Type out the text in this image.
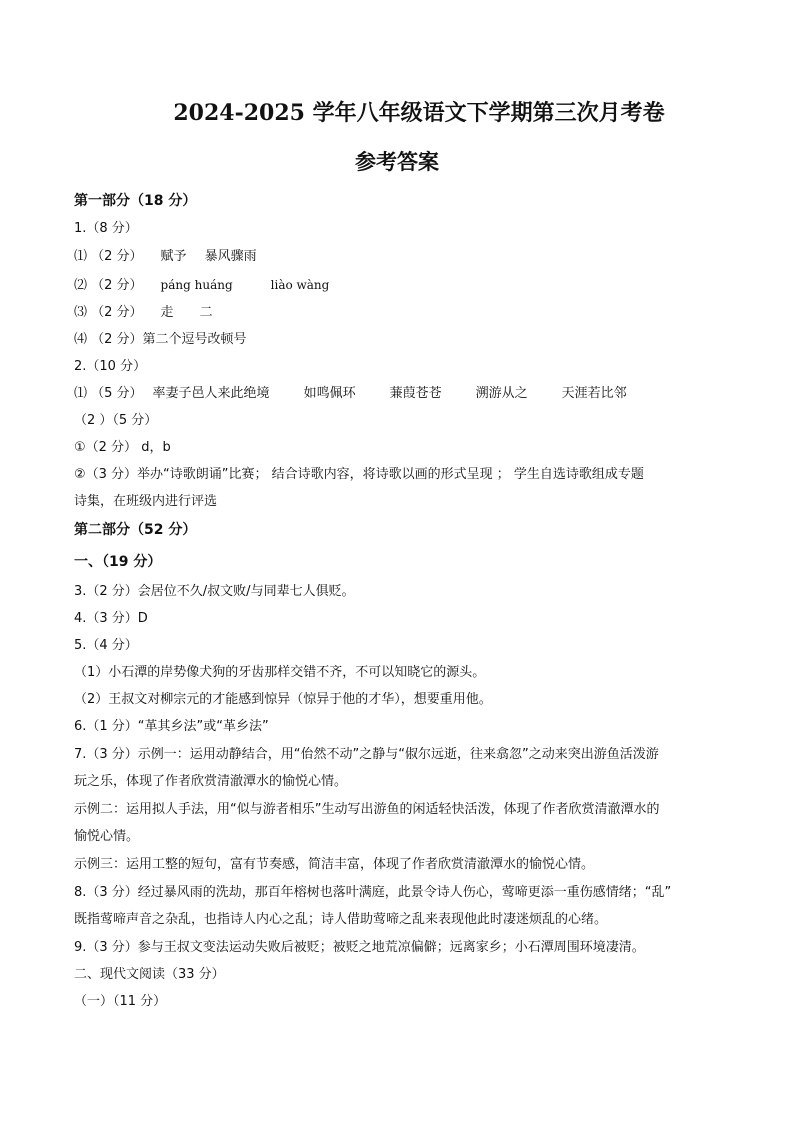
2024-2025 学年八年级语文下学期第三次月考卷
参考答案
第一部分（18 分）
1.（8 分）
⑴ （2 分） 赋予 暴风骤雨
⑵ （2 分） páng huáng	liào wàng
⑶ （2 分） 走 二
⑷ （2 分）第二个逗号改顿号
2.（10 分）
⑴ （5 分） 率妻子邑人来此绝境	如鸣佩环	蒹葭苍苍	溯游从之	天涯若比邻
（2 ）（5 分）
①（2 分） d，b
②（3 分）举办“诗歌朗诵”比赛； 结合诗歌内容，将诗歌以画的形式呈现 ； 学生自选诗歌组成专题
诗集，在班级内进行评选
第二部分（52 分）
一、（19 分）
3.（2 分）会居位不久/叔文败/与同辈七人俱贬。
4.（3 分）D
5.（4 分）
（1）小石潭的岸势像犬狗的牙齿那样交错不齐，不可以知晓它的源头。
（2）王叔文对柳宗元的才能感到惊异（惊异于他的才华），想要重用他。
6.（1 分）“革其乡法”或“革乡法”
7.（3 分）示例一：运用动静结合，用“佁然不动”之静与“俶尔远逝，往来翕忽”之动来突出游鱼活泼游
玩之乐，体现了作者欣赏清澈潭水的愉悦心情。
示例二：运用拟人手法，用“似与游者相乐”生动写出游鱼的闲适轻快活泼，体现了作者欣赏清澈潭水的
愉悦心情。
示例三：运用工整的短句，富有节奏感，简洁丰富，体现了作者欣赏清澈潭水的愉悦心情。
8.（3 分）经过暴风雨的洗劫，那百年榕树也落叶满庭，此景令诗人伤心，莺啼更添一重伤感情绪；“乱”
既指莺啼声音之杂乱，也指诗人内心之乱；诗人借助莺啼之乱来表现他此时凄迷烦乱的心绪。
9.（3 分）参与王叔文变法运动失败后被贬；被贬之地荒凉偏僻；远离家乡；小石潭周围环境凄清。
二、现代文阅读（33 分）
（一）（11 分）
